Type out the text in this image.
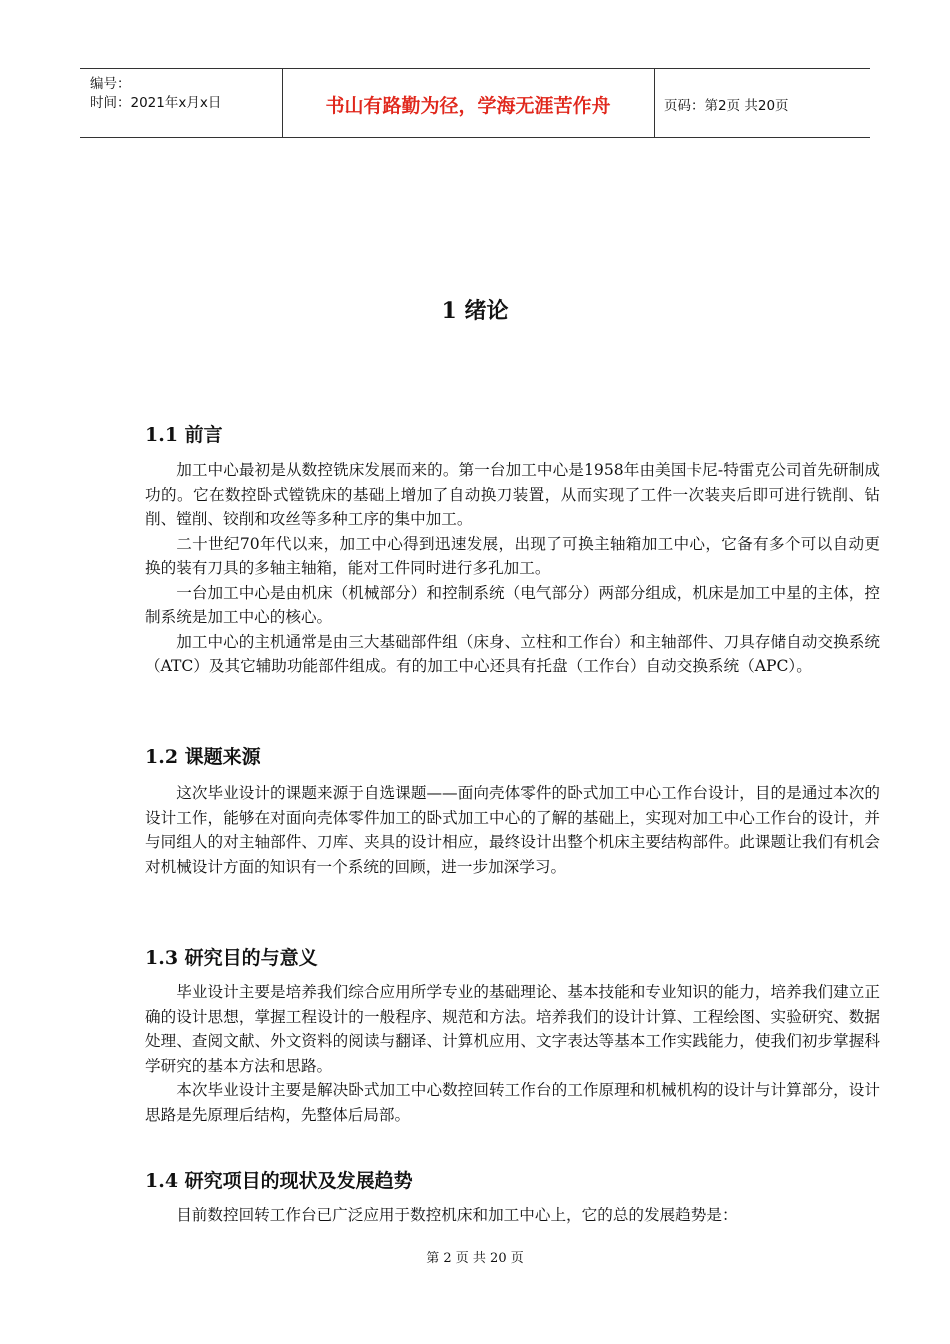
编号：
时间：2021年x月x日	书山有路勤为径，学海无涯苦作舟	页码：第2页 共20页
1 绪论
1.1 前言

加工中心最初是从数控铣床发展而来的。第一台加工中心是1958年由美国卡尼-特雷克公司首先研制成功的。它在数控卧式镗铣床的基础上增加了自动换刀装置，从而实现了工件一次装夹后即可进行铣削、钻削、镗削、铰削和攻丝等多种工序的集中加工。

二十世纪70年代以来，加工中心得到迅速发展，出现了可换主轴箱加工中心，它备有多个可以自动更换的装有刀具的多轴主轴箱，能对工件同时进行多孔加工。

一台加工中心是由机床（机械部分）和控制系统（电气部分）两部分组成，机床是加工中星的主体，控制系统是加工中心的核心。

加工中心的主机通常是由三大基础部件组（床身、立柱和工作台）和主轴部件、刀具存储自动交换系统（ATC）及其它辅助功能部件组成。有的加工中心还具有托盘（工作台）自动交换系统（APC）。

1.2 课题来源

这次毕业设计的课题来源于自选课题——面向壳体零件的卧式加工中心工作台设计，目的是通过本次的设计工作，能够在对面向壳体零件加工的卧式加工中心的了解的基础上，实现对加工中心工作台的设计，并与同组人的对主轴部件、刀库、夹具的设计相应，最终设计出整个机床主要结构部件。此课题让我们有机会对机械设计方面的知识有一个系统的回顾，进一步加深学习。

1.3 研究目的与意义

毕业设计主要是培养我们综合应用所学专业的基础理论、基本技能和专业知识的能力，培养我们建立正确的设计思想，掌握工程设计的一般程序、规范和方法。培养我们的设计计算、工程绘图、实验研究、数据处理、查阅文献、外文资料的阅读与翻译、计算机应用、文字表达等基本工作实践能力，使我们初步掌握科学研究的基本方法和思路。

本次毕业设计主要是解决卧式加工中心数控回转工作台的工作原理和机械机构的设计与计算部分，设计思路是先原理后结构，先整体后局部。

1.4 研究项目的现状及发展趋势

目前数控回转工作台已广泛应用于数控机床和加工中心上，它的总的发展趋势是：

第 2 页 共 20 页
